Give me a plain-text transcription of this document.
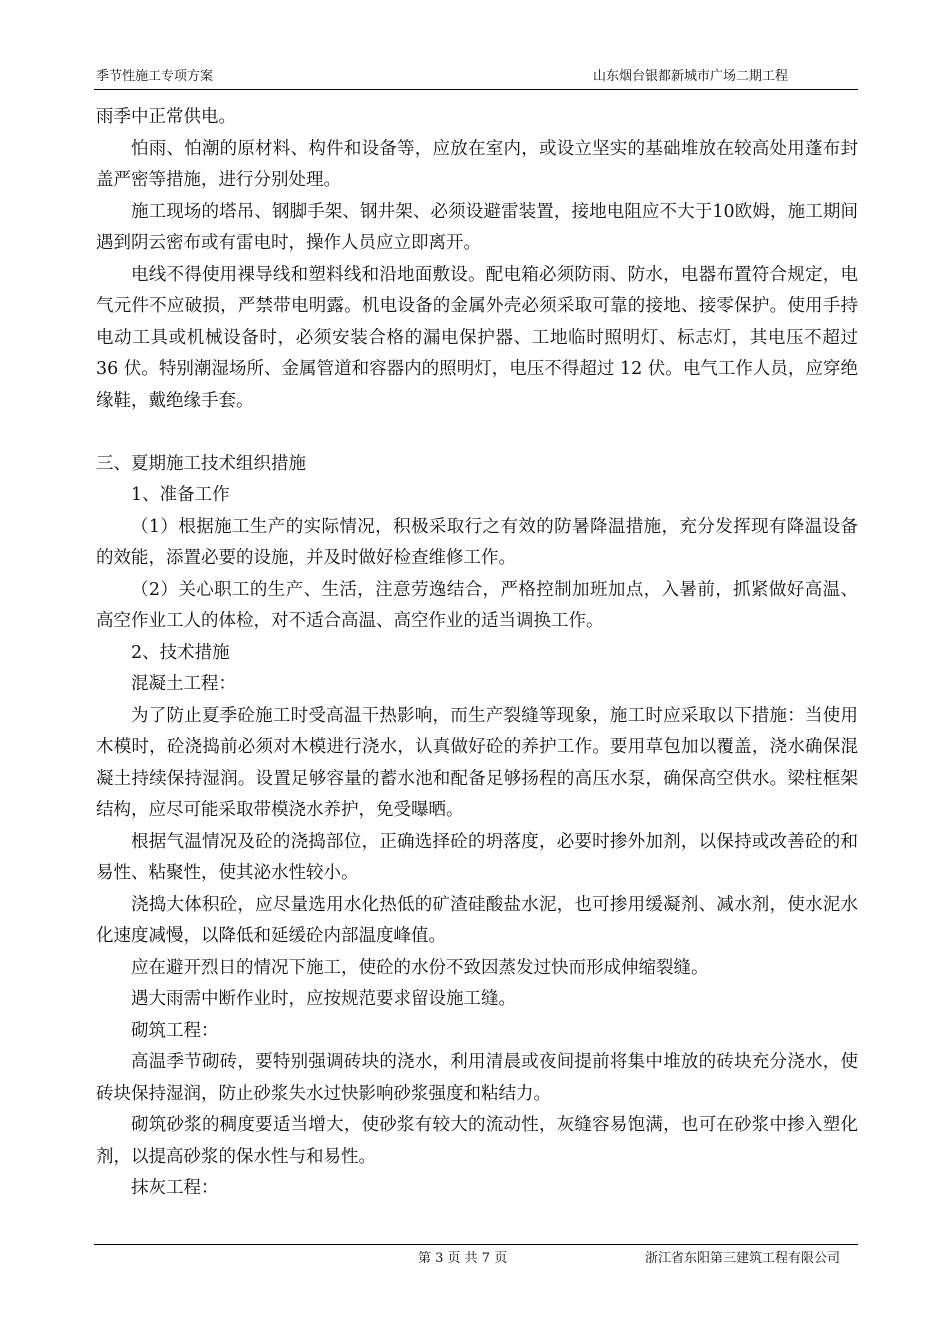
季节性施工专项方案	山东烟台银都新城市广场二期工程

雨季中正常供电。

怕雨、怕潮的原材料、构件和设备等，应放在室内，或设立坚实的基础堆放在较高处用蓬布封盖严密等措施，进行分别处理。

施工现场的塔吊、钢脚手架、钢井架、必须设避雷装置，接地电阻应不大于10欧姆，施工期间遇到阴云密布或有雷电时，操作人员应立即离开。

电线不得使用裸导线和塑料线和沿地面敷设。配电箱必须防雨、防水，电器布置符合规定，电气元件不应破损，严禁带电明露。机电设备的金属外壳必须采取可靠的接地、接零保护。使用手持电动工具或机械设备时，必须安装合格的漏电保护器、工地临时照明灯、标志灯，其电压不超过 36 伏。特别潮湿场所、金属管道和容器内的照明灯，电压不得超过 12 伏。电气工作人员，应穿绝缘鞋，戴绝缘手套。

三、夏期施工技术组织措施

1、准备工作

（1）根据施工生产的实际情况，积极采取行之有效的防暑降温措施，充分发挥现有降温设备的效能，添置必要的设施，并及时做好检查维修工作。

（2）关心职工的生产、生活，注意劳逸结合，严格控制加班加点，入暑前，抓紧做好高温、高空作业工人的体检，对不适合高温、高空作业的适当调换工作。

2、技术措施

混凝土工程：

为了防止夏季砼施工时受高温干热影响，而生产裂缝等现象，施工时应采取以下措施：当使用木模时，砼浇捣前必须对木模进行浇水，认真做好砼的养护工作。要用草包加以覆盖，浇水确保混凝土持续保持湿润。设置足够容量的蓄水池和配备足够扬程的高压水泵，确保高空供水。梁柱框架结构，应尽可能采取带模浇水养护，免受曝晒。

根据气温情况及砼的浇捣部位，正确选择砼的坍落度，必要时掺外加剂，以保持或改善砼的和易性、粘聚性，使其泌水性较小。

浇捣大体积砼，应尽量选用水化热低的矿渣硅酸盐水泥，也可掺用缓凝剂、减水剂，使水泥水化速度减慢，以降低和延缓砼内部温度峰值。

应在避开烈日的情况下施工，使砼的水份不致因蒸发过快而形成伸缩裂缝。

遇大雨需中断作业时，应按规范要求留设施工缝。

砌筑工程：

高温季节砌砖，要特别强调砖块的浇水，利用清晨或夜间提前将集中堆放的砖块充分浇水，使砖块保持湿润，防止砂浆失水过快影响砂浆强度和粘结力。

砌筑砂浆的稠度要适当增大，使砂浆有较大的流动性，灰缝容易饱满，也可在砂浆中掺入塑化剂，以提高砂浆的保水性与和易性。

抹灰工程：

第 3 页 共 7 页	浙江省东阳第三建筑工程有限公司
